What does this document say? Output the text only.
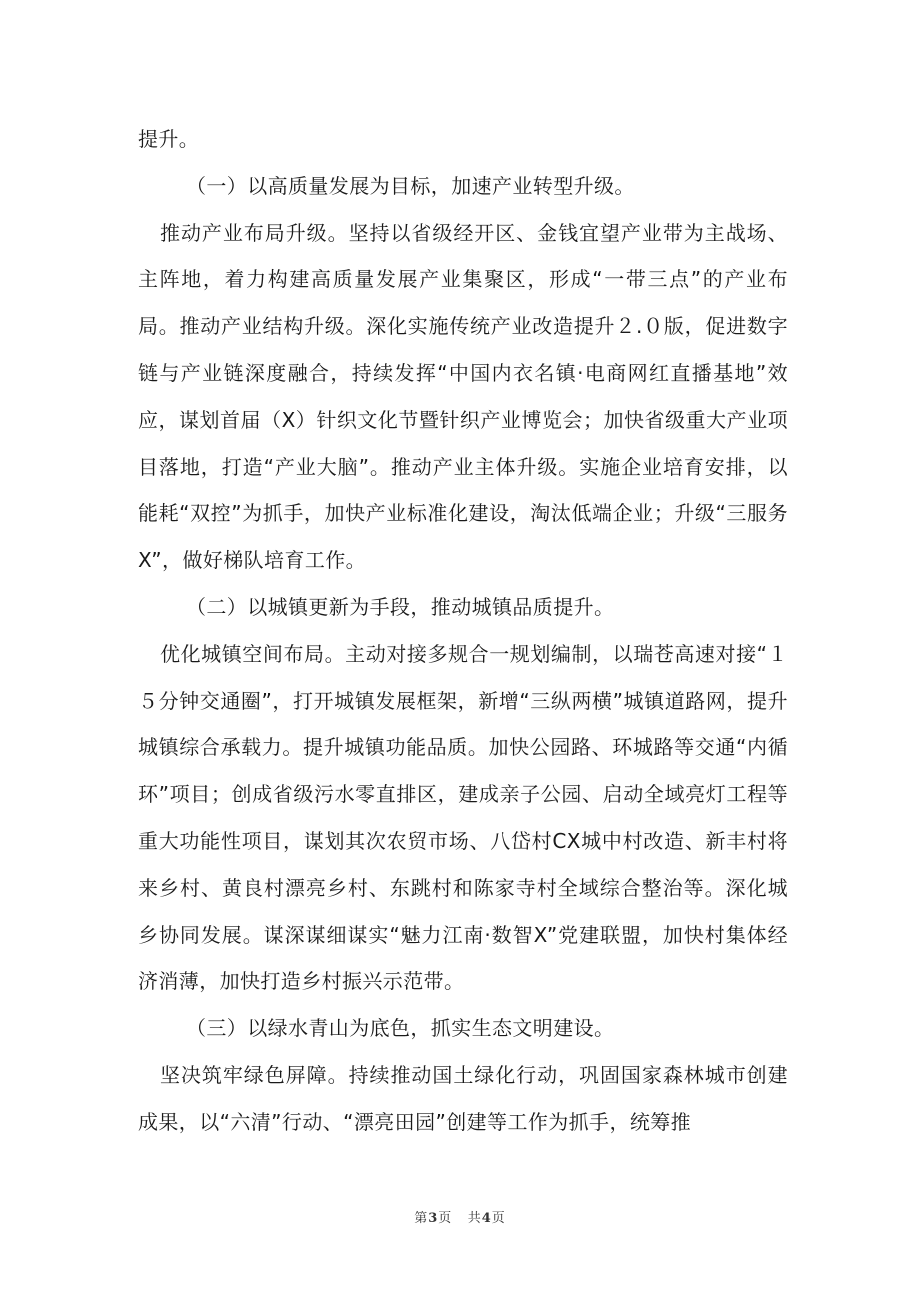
提升。

（一）以高质量发展为目标，加速产业转型升级。

推动产业布局升级。坚持以省级经开区、金钱宜望产业带为主战场、主阵地，着力构建高质量发展产业集聚区，形成“一带三点”的产业布局。推动产业结构升级。深化实施传统产业改造提升２.０版，促进数字链与产业链深度融合，持续发挥“中国内衣名镇·电商网红直播基地”效应，谋划首届（X）针织文化节暨针织产业博览会；加快省级重大产业项目落地，打造“产业大脑”。推动产业主体升级。实施企业培育安排，以能耗“双控”为抓手，加快产业标准化建设，淘汰低端企业；升级“三服务X”，做好梯队培育工作。

（二）以城镇更新为手段，推动城镇品质提升。

优化城镇空间布局。主动对接多规合一规划编制，以瑞苍高速对接“１５分钟交通圈”，打开城镇发展框架，新增“三纵两横”城镇道路网，提升城镇综合承载力。提升城镇功能品质。加快公园路、环城路等交通“内循环”项目；创成省级污水零直排区，建成亲子公园、启动全域亮灯工程等重大功能性项目，谋划其次农贸市场、八岱村CX城中村改造、新丰村将来乡村、黄良村漂亮乡村、东跳村和陈家寺村全域综合整治等。深化城乡协同发展。谋深谋细谋实“魅力江南·数智X”党建联盟，加快村集体经济消薄，加快打造乡村振兴示范带。

（三）以绿水青山为底色，抓实生态文明建设。

坚决筑牢绿色屏障。持续推动国土绿化行动，巩固国家森林城市创建成果，以“六清”行动、“漂亮田园”创建等工作为抓手，统筹推

第3页 共4页
